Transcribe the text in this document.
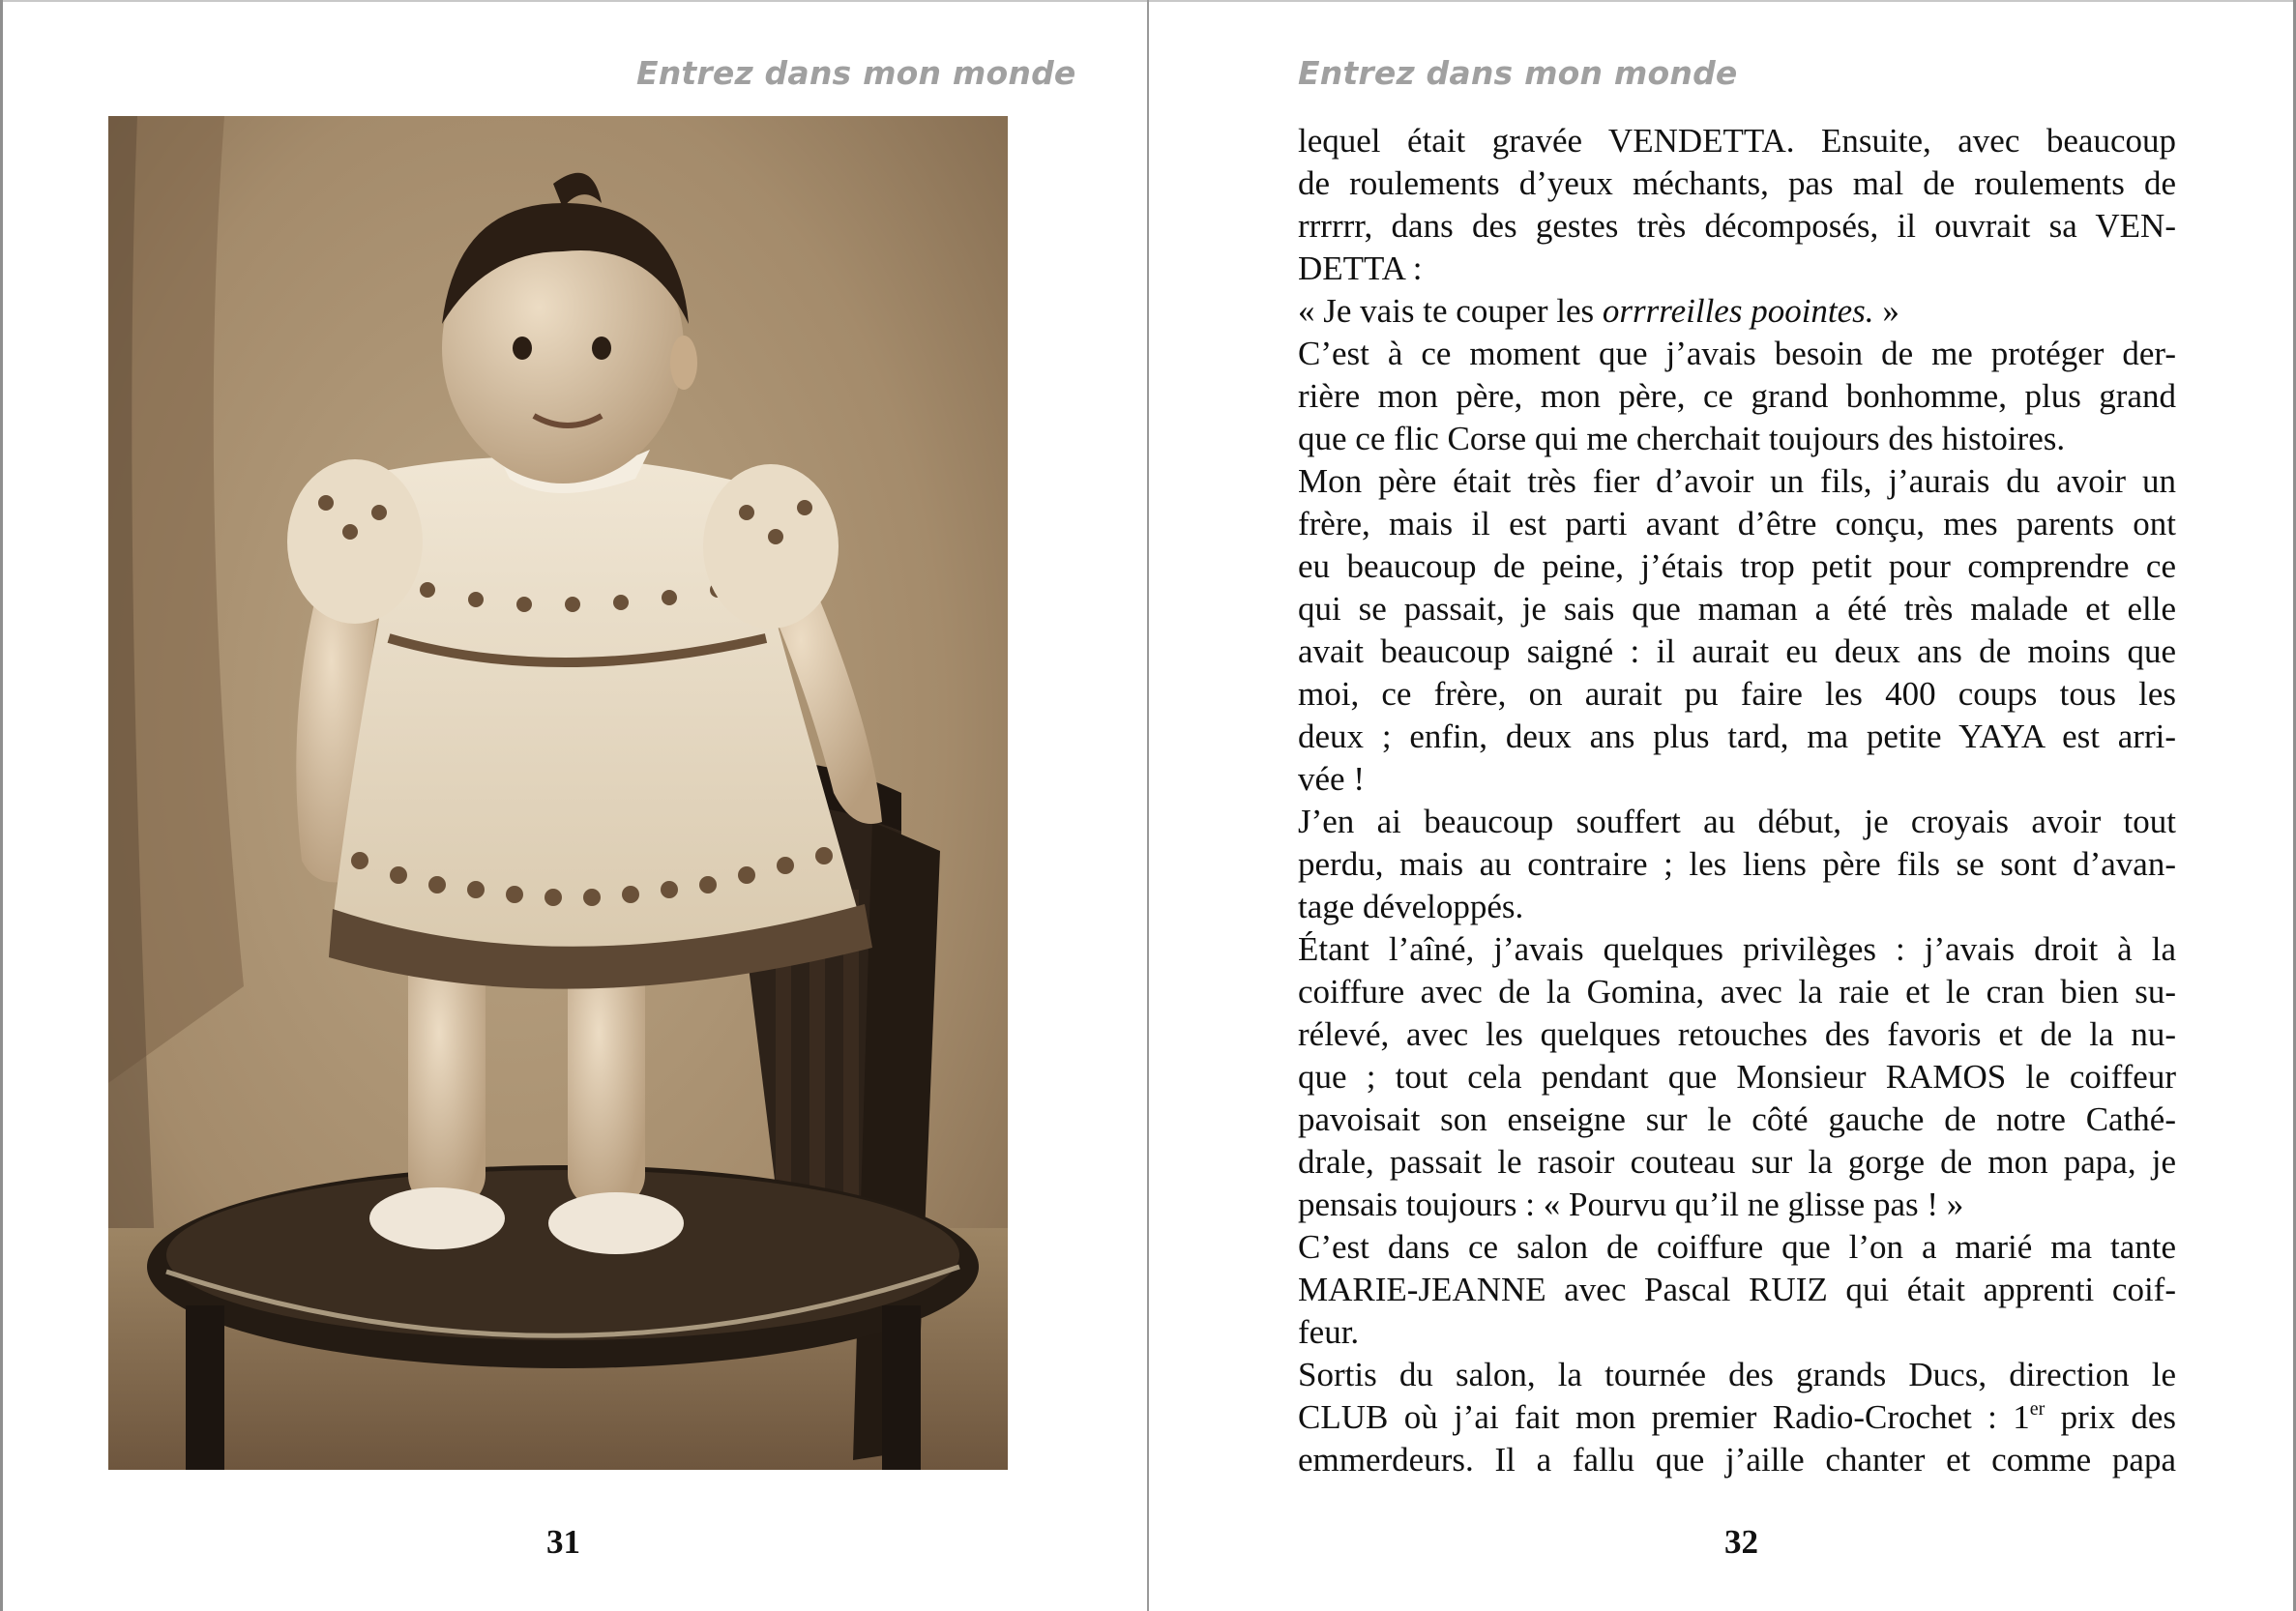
Entrez dans mon monde
31
Entrez dans mon monde
lequel était gravée VENDETTA. Ensuite, avec beaucoup
de roulements d’yeux méchants, pas mal de roulements de
rrrrrr, dans des gestes très décomposés, il ouvrait sa VEN-
DETTA :
« Je vais te couper les orrrreilles poointes. »
C’est à ce moment que j’avais besoin de me protéger der-
rière mon père, mon père, ce grand bonhomme, plus grand
que ce flic Corse qui me cherchait toujours des histoires.
Mon père était très fier d’avoir un fils, j’aurais du avoir un
frère, mais il est parti avant d’être conçu, mes parents ont
eu beaucoup de peine, j’étais trop petit pour comprendre ce
qui se passait, je sais que maman a été très malade et elle
avait beaucoup saigné : il aurait eu deux ans de moins que
moi, ce frère, on aurait pu faire les 400 coups tous les
deux ; enfin, deux ans plus tard, ma petite YAYA est arri-
vée !
J’en ai beaucoup souffert au début, je croyais avoir tout
perdu, mais au contraire ; les liens père fils se sont d’avan-
tage développés.
Étant l’aîné, j’avais quelques privilèges : j’avais droit à la
coiffure avec de la Gomina, avec la raie et le cran bien su-
rélevé, avec les quelques retouches des favoris et de la nu-
que ; tout cela pendant que Monsieur RAMOS le coiffeur
pavoisait son enseigne sur le côté gauche de notre Cathé-
drale, passait le rasoir couteau sur la gorge de mon papa, je
pensais toujours : « Pourvu qu’il ne glisse pas ! »
C’est dans ce salon de coiffure que l’on a marié ma tante
MARIE-JEANNE avec Pascal RUIZ qui était apprenti coif-
feur.
Sortis du salon, la tournée des grands Ducs, direction le
CLUB où j’ai fait mon premier Radio-Crochet : 1er prix des
emmerdeurs. Il a fallu que j’aille chanter et comme papa
32
